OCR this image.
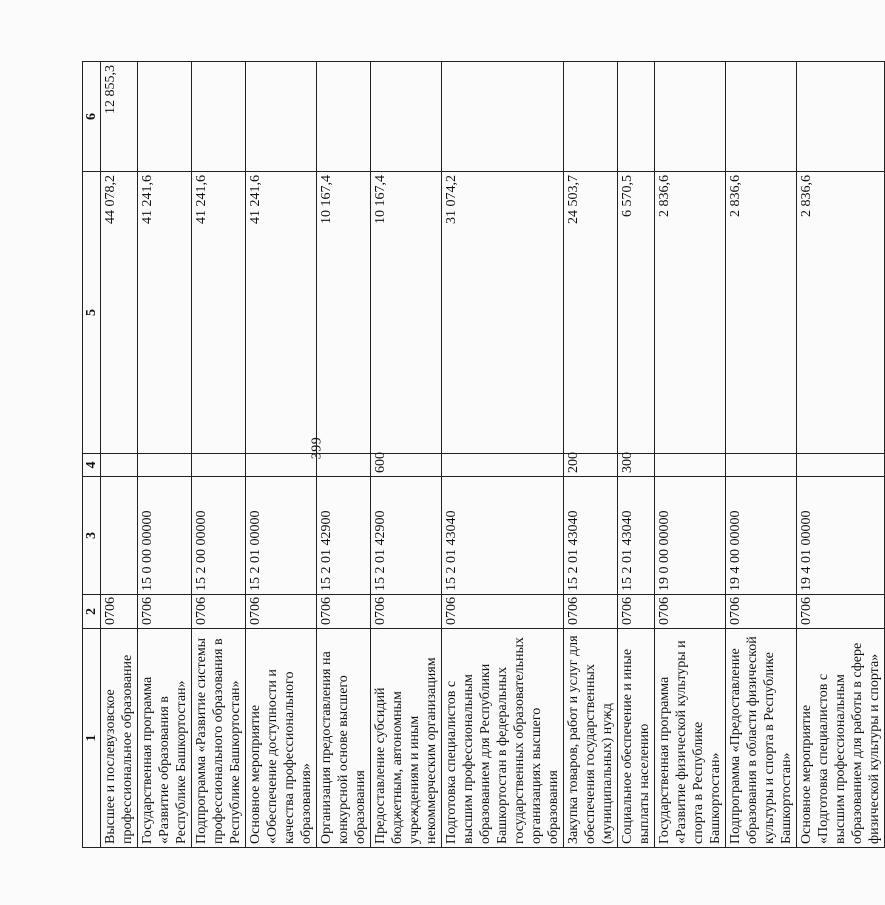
399
1	2	3	4	5	6
Высшее и послевузовское профессиональное образование	0706			44 078,2	12 855,3
Государственная программа «Развитие образования в Республике Башкортостан»	0706	15 0 00 00000		41 241,6	
Подпрограмма «Развитие системы профессионального образования в Республике Башкортостан»	0706	15 2 00 00000		41 241,6	
Основное мероприятие «Обеспечение доступности и качества профессионального образования»	0706	15 2 01 00000		41 241,6	
Организация предоставления на конкурсной основе высшего образования	0706	15 2 01 42900		10 167,4	
Предоставление субсидий бюджетным, автономным учреждениям и иным некоммерческим организациям	0706	15 2 01 42900	600	10 167,4	
Подготовка специалистов с высшим профессиональным образованием для Республики Башкортостан в федеральных государственных образовательных организациях высшего образования	0706	15 2 01 43040		31 074,2	
Закупка товаров, работ и услуг для обеспечения государственных (муниципальных) нужд	0706	15 2 01 43040	200	24 503,7	
Социальное обеспечение и иные выплаты населению	0706	15 2 01 43040	300	6 570,5	
Государственная программа «Развитие физической культуры и спорта в Республике Башкортостан»	0706	19 0 00 00000		2 836,6	
Подпрограмма «Предоставление образования в области физической культуры и спорта в Республике Башкортостан»	0706	19 4 00 00000		2 836,6	
Основное мероприятие «Подготовка специалистов с высшим профессиональным образованием для работы в сфере физической культуры и спорта»	0706	19 4 01 00000		2 836,6	
